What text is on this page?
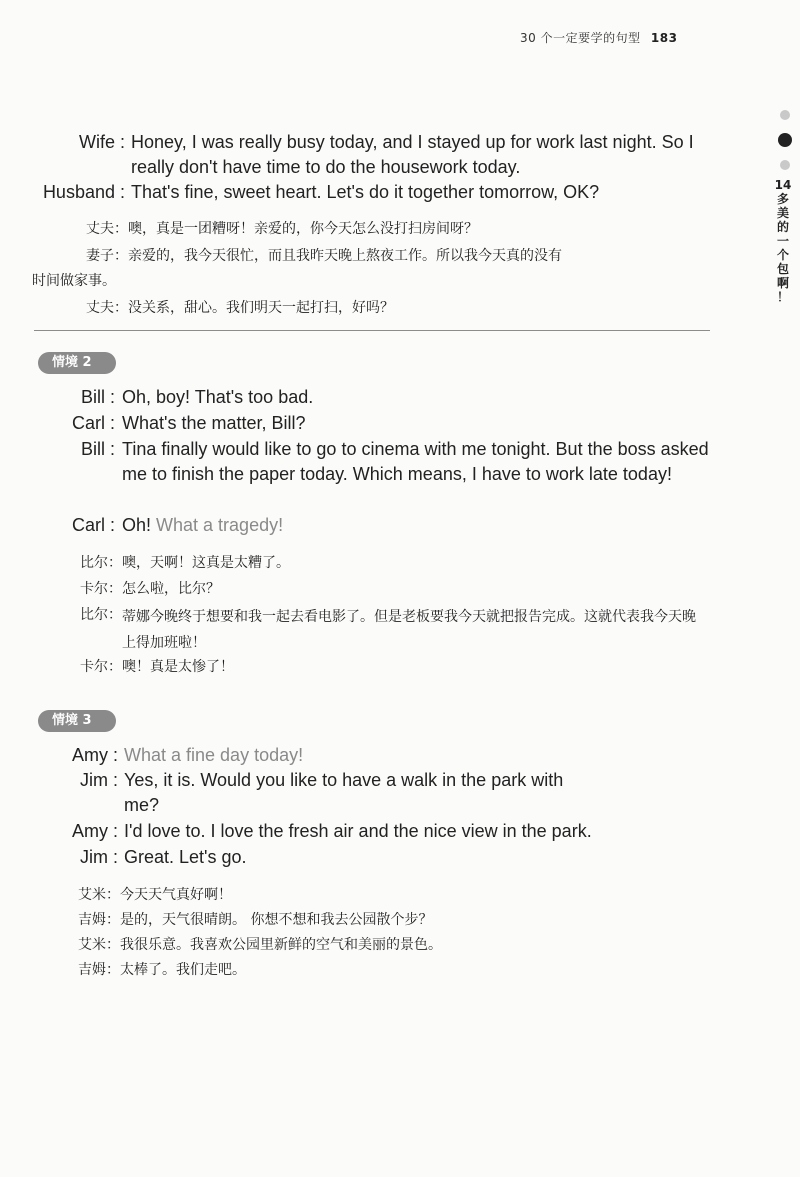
30 个一定要学的句型 183
14
多
美
的
一
个
包
啊
！
Wife : Honey, I was really busy today, and I stayed up for work last night. So I really don't have time to do the housework today.
Husband : That's fine, sweet heart. Let's do it together tomorrow, OK?
丈夫： 噢，真是一团糟呀！亲爱的，你今天怎么没打扫房间呀？
妻子： 亲爱的，我今天很忙，而且我昨天晚上熬夜工作。所以我今天真的没有
时间做家事。
丈夫： 没关系，甜心。我们明天一起打扫，好吗？
情境 2
Bill : Oh, boy! That's too bad.
Carl : What's the matter, Bill?
Bill : Tina finally would like to go to cinema with me tonight. But the boss asked me to finish the paper today. Which means, I have to work late today!
Carl : Oh! What a tragedy!
比尔： 噢，天啊！这真是太糟了。
卡尔： 怎么啦，比尔？
比尔： 蒂娜今晚终于想要和我一起去看电影了。但是老板要我今天就把报告完成。这就代表我今天晚上得加班啦！
卡尔： 噢！真是太惨了！
情境 3
Amy : What a fine day today!
Jim : Yes, it is. Would you like to have a walk in the park with me?
Amy : I'd love to. I love the fresh air and the nice view in the park.
Jim : Great. Let's go.
艾米： 今天天气真好啊！
吉姆： 是的，天气很晴朗。 你想不想和我去公园散个步？
艾米： 我很乐意。我喜欢公园里新鲜的空气和美丽的景色。
吉姆： 太棒了。我们走吧。
